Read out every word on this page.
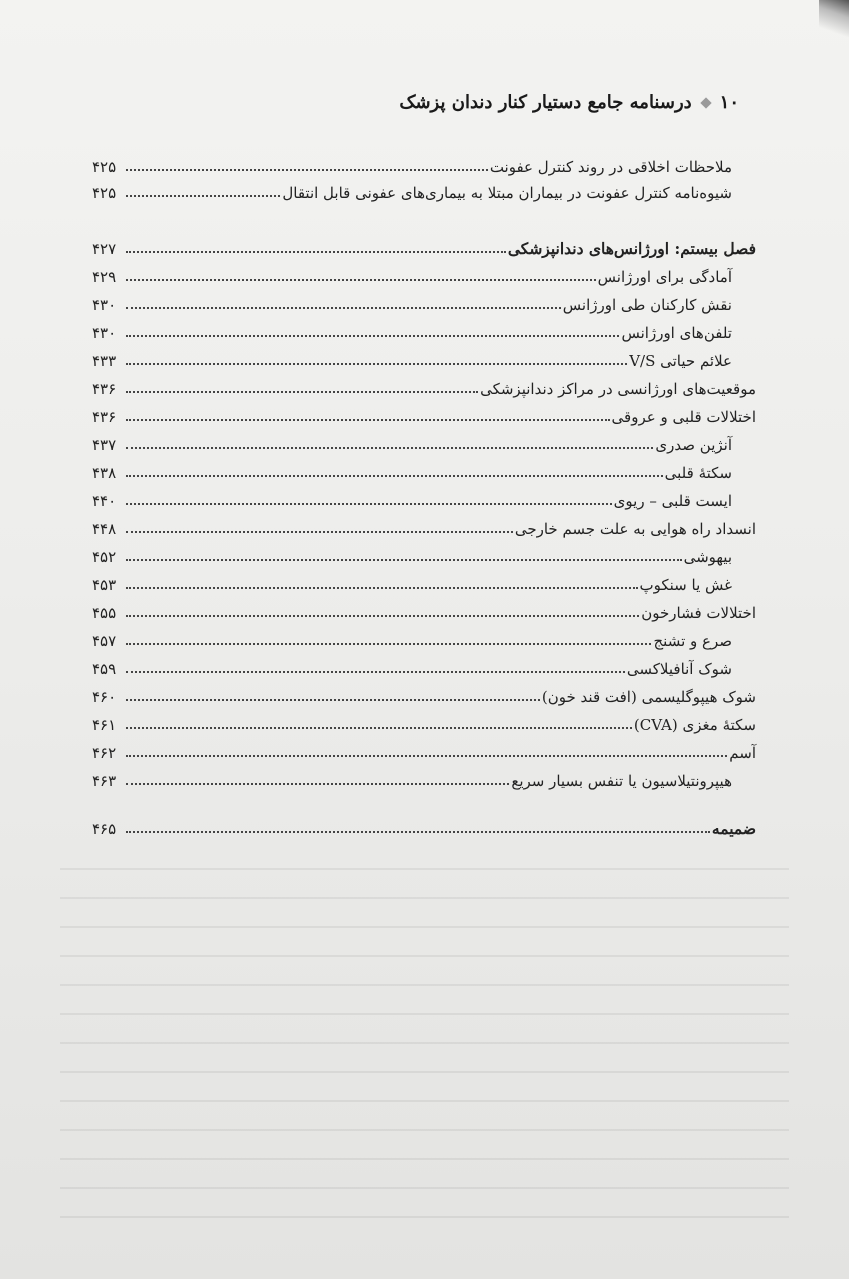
۱۰
درسنامه جامع دستیار کنار دندان پزشک
ملاحظات اخلاقی در روند کنترل عفونت
۴۲۵
شیوه‌نامه کنترل عفونت در بیماران مبتلا به بیماری‌های عفونی قابل انتقال
۴۲۵
فصل بیستم: اورژانس‌های دندانپزشکی
۴۲۷
آمادگی برای اورژانس
۴۲۹
نقش کارکنان طی اورژانس
۴۳۰
تلفن‌های اورژانس
۴۳۰
علائم حیاتی V/S
۴۳۳
موقعیت‌های اورژانسی در مراکز دندانپزشکی
۴۳۶
اختلالات قلبی و عروقی
۴۳۶
آنژین صدری
۴۳۷
سکتهٔ قلبی
۴۳۸
ایست قلبی – ریوی
۴۴۰
انسداد راه هوایی به علت جسم خارجی
۴۴۸
بیهوشی
۴۵۲
غش یا سنکوپ
۴۵۳
اختلالات فشارخون
۴۵۵
صرع و تشنج
۴۵۷
شوک آنافیلاکسی
۴۵۹
شوک هیپوگلیسمی (افت قند خون)
۴۶۰
سکتهٔ مغزی (CVA)
۴۶۱
آسم
۴۶۲
هیپرونتیلاسیون یا تنفس بسیار سریع
۴۶۳
ضمیمه
۴۶۵
